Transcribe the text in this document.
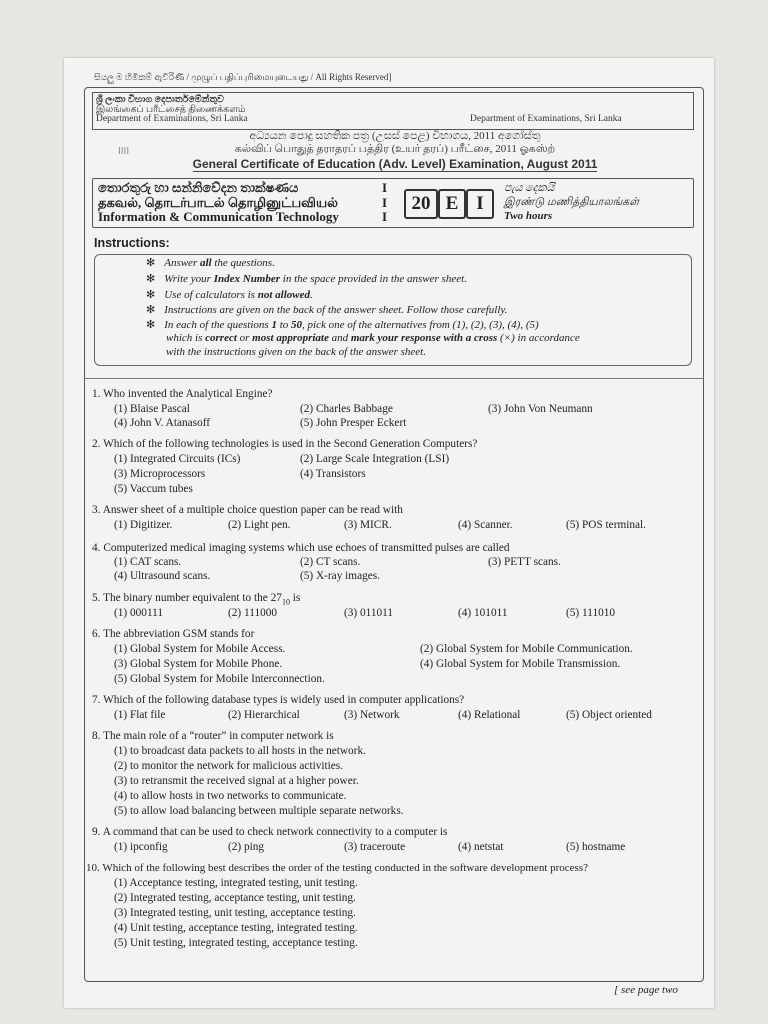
සියලු ම හිමිකම් ඇවිරිණි / முழுப் பதிப்புரிமையுடையது / All Rights Reserved]
ශ්‍රී ලංකා විභාග දෙපාර්තමේන්තුව
இலங்கைப் பரீட்சைத் திணைக்களம்
Department of Examinations, Sri Lanka	Department of Examinations, Sri Lanka
අධ්‍යයන පොදු සහතික පත්‍ර (උසස් පෙළ) විභාගය, 2011 අගෝස්තු
கல்விப் பொதுத் தராதரப் பத்திர (உயர் தரப்) பரீட்சை, 2011 ஓகஸ்ற்
General Certificate of Education (Adv. Level) Examination, August 2011
IIII
තොරතුරු හා සන්නිවේදන තාක්ෂණය
தகவல், தொடர்பாடல் தொழினுட்பவியல்
Information & Communication Technology
I
I
I
20 E I
පැය දෙකයි
இரண்டு மணித்தியாலங்கள்
Two hours
Instructions:
✻ Answer all the questions.
✻ Write your Index Number in the space provided in the answer sheet.
✻ Use of calculators is not allowed.
✻ Instructions are given on the back of the answer sheet. Follow those carefully.
✻ In each of the questions 1 to 50, pick one of the alternatives from (1), (2), (3), (4), (5)
which is correct or most appropriate and mark your response with a cross (×) in accordance
with the instructions given on the back of the answer sheet.
1. Who invented the Analytical Engine?
(1) Blaise Pascal	(2) Charles Babbage	(3) John Von Neumann
(4) John V. Atanasoff	(5) John Presper Eckert
2. Which of the following technologies is used in the Second Generation Computers?
(1) Integrated Circuits (ICs)	(2) Large Scale Integration (LSI)
(3) Microprocessors	(4) Transistors
(5) Vaccum tubes
3. Answer sheet of a multiple choice question paper can be read with
(1) Digitizer.	(2) Light pen.	(3) MICR.	(4) Scanner.	(5) POS terminal.
4. Computerized medical imaging systems which use echoes of transmitted pulses are called
(1) CAT scans.	(2) CT scans.	(3) PETT scans.
(4) Ultrasound scans.	(5) X-ray images.
5. The binary number equivalent to the $27_{10}$ is
(1) 000111	(2) 111000	(3) 011011	(4) 101011	(5) 111010
6. The abbreviation GSM stands for
(1) Global System for Mobile Access.	(2) Global System for Mobile Communication.
(3) Global System for Mobile Phone.	(4) Global System for Mobile Transmission.
(5) Global System for Mobile Interconnection.
7. Which of the following database types is widely used in computer applications?
(1) Flat file	(2) Hierarchical	(3) Network	(4) Relational	(5) Object oriented
8. The main role of a “router” in computer network is
(1) to broadcast data packets to all hosts in the network.
(2) to monitor the network for malicious activities.
(3) to retransmit the received signal at a higher power.
(4) to allow hosts in two networks to communicate.
(5) to allow load balancing between multiple separate networks.
9. A command that can be used to check network connectivity to a computer is
(1) ipconfig	(2) ping	(3) traceroute	(4) netstat	(5) hostname
10. Which of the following best describes the order of the testing conducted in the software development process?
(1) Acceptance testing, integrated testing, unit testing.
(2) Integrated testing, acceptance testing, unit testing.
(3) Integrated testing, unit testing, acceptance testing.
(4) Unit testing, acceptance testing, integrated testing.
(5) Unit testing, integrated testing, acceptance testing.
[ see page two
